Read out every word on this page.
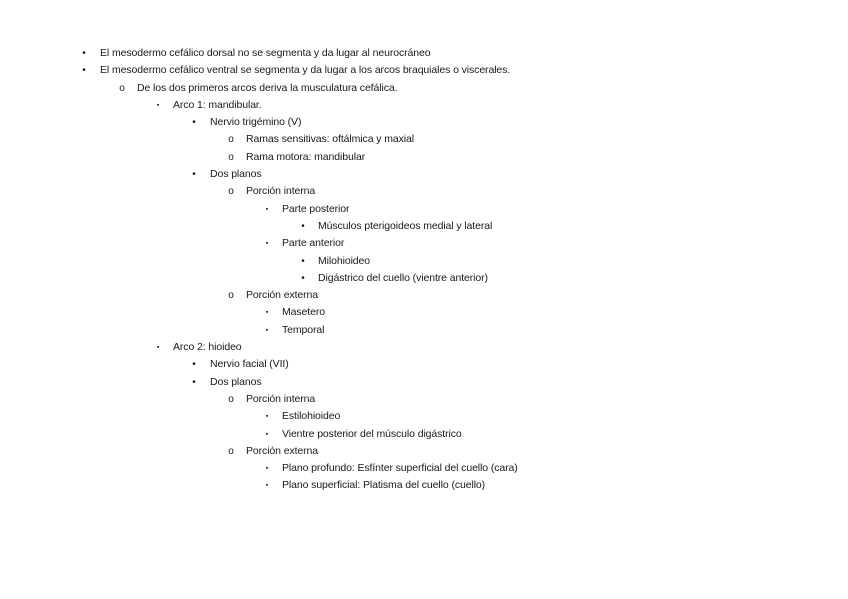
•	El mesodermo cefálico dorsal no se segmenta y da lugar al neurocráneo
•	El mesodermo cefálico ventral se segmenta y da lugar a los arcos braquiales o viscerales.
o	De los dos primeros arcos deriva la musculatura cefálica.
▪	Arco 1: mandibular.
•	Nervio trigémino (V)
o	Ramas sensitivas: oftálmica y maxial
o	Rama motora: mandibular
•	Dos planos
o	Porción interna
▪	Parte posterior
•	Músculos pterigoideos medial y lateral
▪	Parte anterior
•	Milohioideo
•	Digástrico del cuello (vientre anterior)
o	Porción externa
▪	Masetero
▪	Temporal
▪	Arco 2: hioideo
•	Nervio facial (VII)
•	Dos planos
o	Porción interna
▪	Estilohioideo
▪	Vientre posterior del músculo digástrico
o	Porción externa
▪	Plano profundo: Esfínter superficial del cuello (cara)
▪	Plano superficial: Platisma del cuello (cuello)
